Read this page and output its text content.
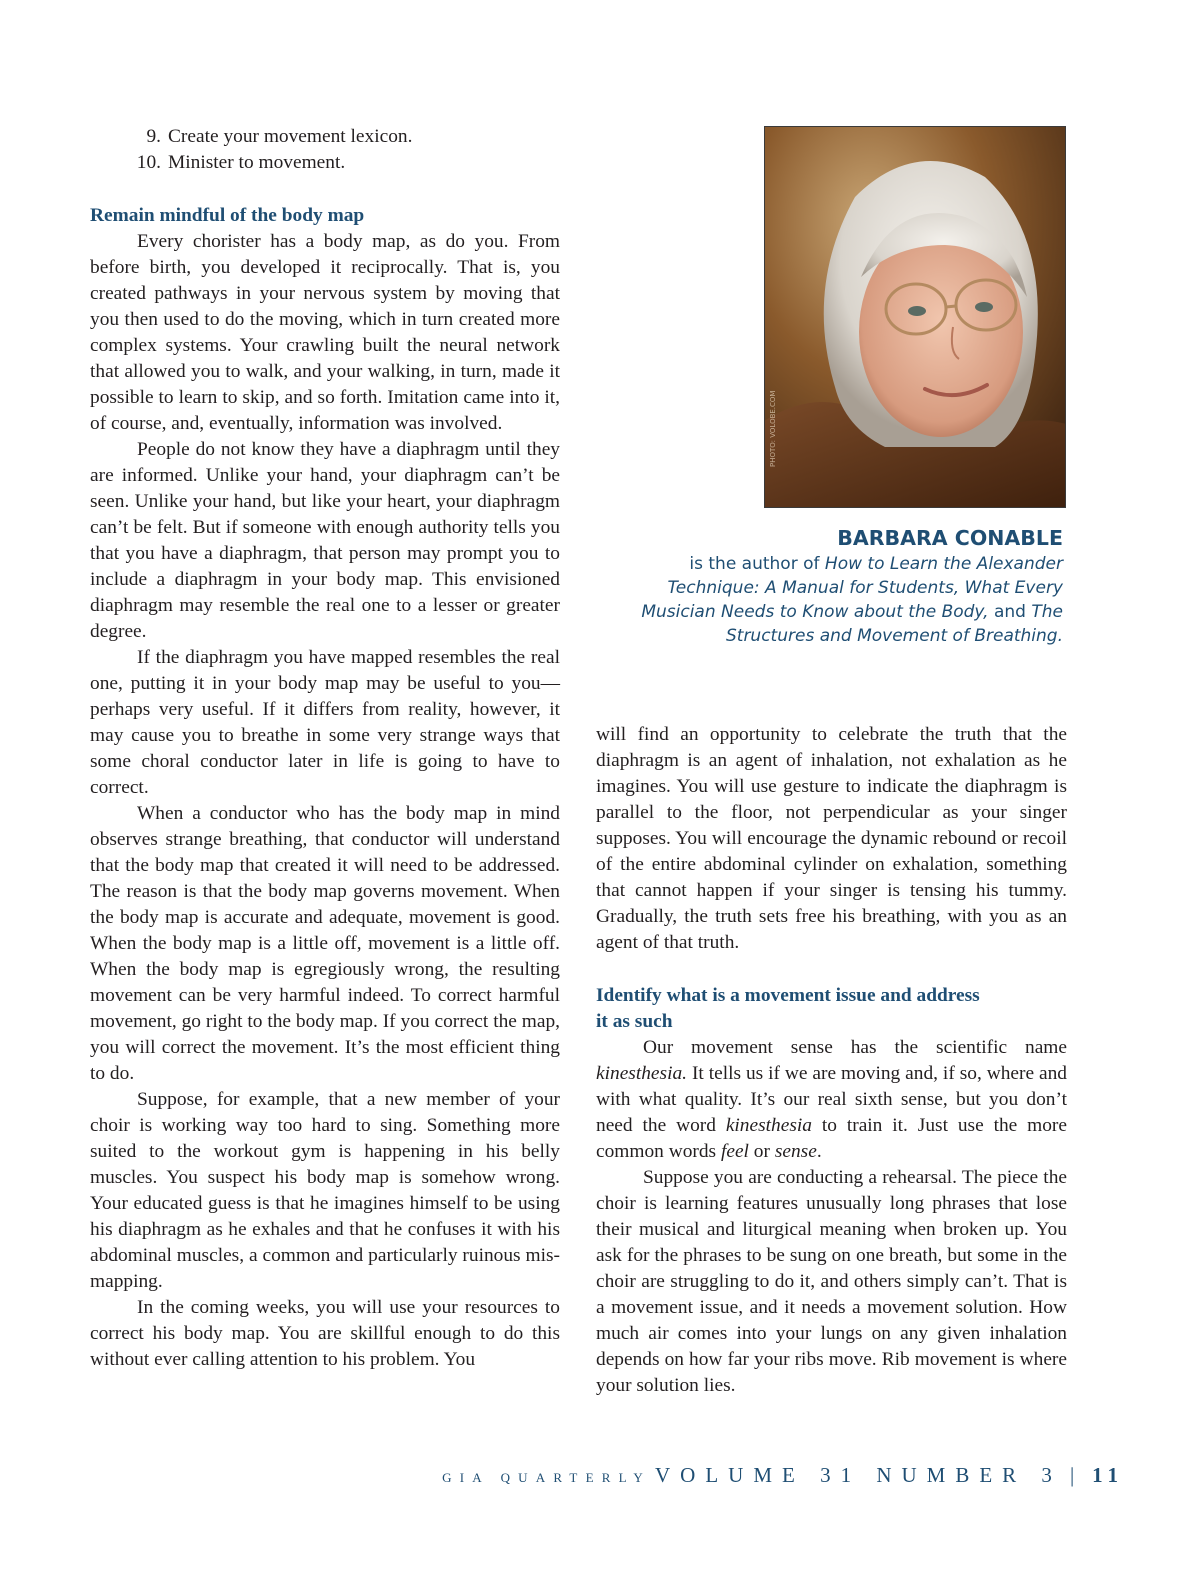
9. Create your movement lexicon.
10. Minister to movement.
Remain mindful of the body map

Every chorister has a body map, as do you. From before birth, you developed it reciprocally. That is, you created pathways in your nervous system by moving that you then used to do the moving, which in turn created more complex systems. Your crawling built the neural network that allowed you to walk, and your walking, in turn, made it possible to learn to skip, and so forth. Imitation came into it, of course, and, eventually, information was involved.

People do not know they have a diaphragm until they are informed. Unlike your hand, your diaphragm can’t be seen. Unlike your hand, but like your heart, your diaphragm can’t be felt. But if someone with enough authority tells you that you have a diaphragm, that person may prompt you to include a diaphragm in your body map. This envisioned diaphragm may resemble the real one to a lesser or greater degree.

If the diaphragm you have mapped resembles the real one, putting it in your body map may be useful to you—perhaps very useful. If it differs from reality, however, it may cause you to breathe in some very strange ways that some choral conductor later in life is going to have to correct.

When a conductor who has the body map in mind observes strange breathing, that conductor will understand that the body map that created it will need to be addressed. The reason is that the body map governs movement. When the body map is accurate and adequate, movement is good. When the body map is a little off, movement is a little off. When the body map is egregiously wrong, the resulting movement can be very harmful indeed. To correct harmful movement, go right to the body map. If you correct the map, you will correct the movement. It’s the most efficient thing to do.

Suppose, for example, that a new member of your choir is working way too hard to sing. Something more suited to the workout gym is happening in his belly muscles. You suspect his body map is somehow wrong. Your educated guess is that he imagines himself to be using his diaphragm as he exhales and that he confuses it with his abdominal muscles, a common and particularly ruinous mis-mapping.

In the coming weeks, you will use your resources to correct his body map. You are skillful enough to do this without ever calling attention to his problem. You

PHOTO: VOLOBE.COM
BARBARA CONABLE
is the author of How to Learn the Alexander Technique: A Manual for Students, What Every Musician Needs to Know about the Body, and The Structures and Movement of Breathing.

will find an opportunity to celebrate the truth that the diaphragm is an agent of inhalation, not exhalation as he imagines. You will use gesture to indicate the diaphragm is parallel to the floor, not perpendicular as your singer supposes. You will encourage the dynamic rebound or recoil of the entire abdominal cylinder on exhalation, something that cannot happen if your singer is tensing his tummy. Gradually, the truth sets free his breathing, with you as an agent of that truth.

Identify what is a movement issue and address
it as such

Our movement sense has the scientific name kinesthesia. It tells us if we are moving and, if so, where and with what quality. It’s our real sixth sense, but you don’t need the word kinesthesia to train it. Just use the more common words feel or sense.

Suppose you are conducting a rehearsal. The piece the choir is learning features unusually long phrases that lose their musical and liturgical meaning when broken up. You ask for the phrases to be sung on one breath, but some in the choir are struggling to do it, and others simply can’t. That is a movement issue, and it needs a movement solution. How much air comes into your lungs on any given inhalation depends on how far your ribs move. Rib movement is where your solution lies.

GIA QUARTERLY VOLUME 31 NUMBER 3 | 11
